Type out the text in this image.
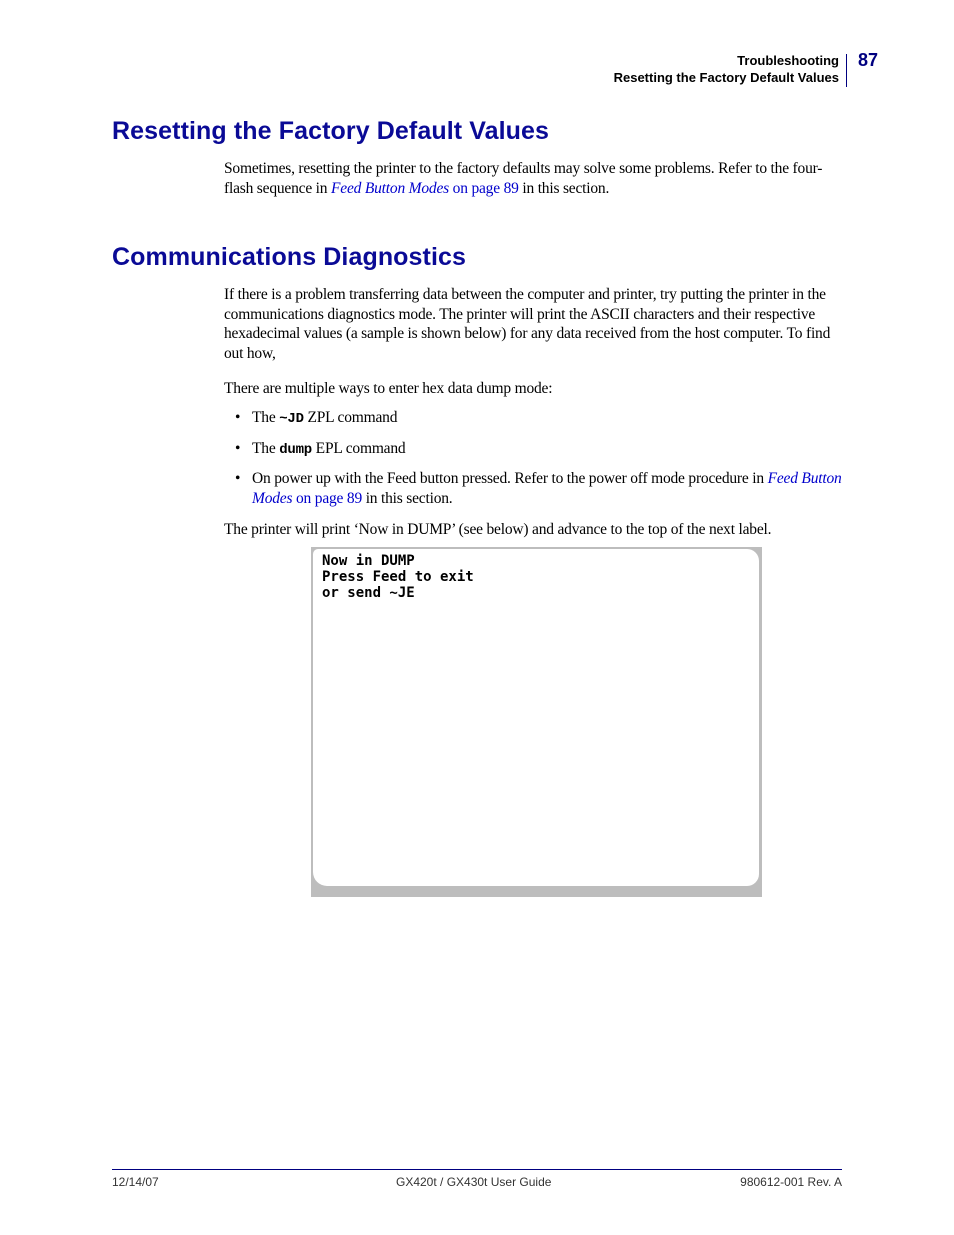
Troubleshooting
Resetting the Factory Default Values
87
Resetting the Factory Default Values

Sometimes, resetting the printer to the factory defaults may solve some problems. Refer to the four-flash sequence in Feed Button Modes on page 89 in this section.

Communications Diagnostics

If there is a problem transferring data between the computer and printer, try putting the printer in the communications diagnostics mode. The printer will print the ASCII characters and their respective hexadecimal values (a sample is shown below) for any data received from the host computer. To find out how,

There are multiple ways to enter hex data dump mode:

• The ~JD ZPL command
• The dump EPL command
• On power up with the Feed button pressed. Refer to the power off mode procedure in Feed Button Modes on page 89 in this section.

The printer will print ‘Now in DUMP’ (see below) and advance to the top of the next label.

Now in DUMP
Press Feed to exit
or send ~JE
12/14/07	GX420t / GX430t User Guide	980612-001 Rev. A
